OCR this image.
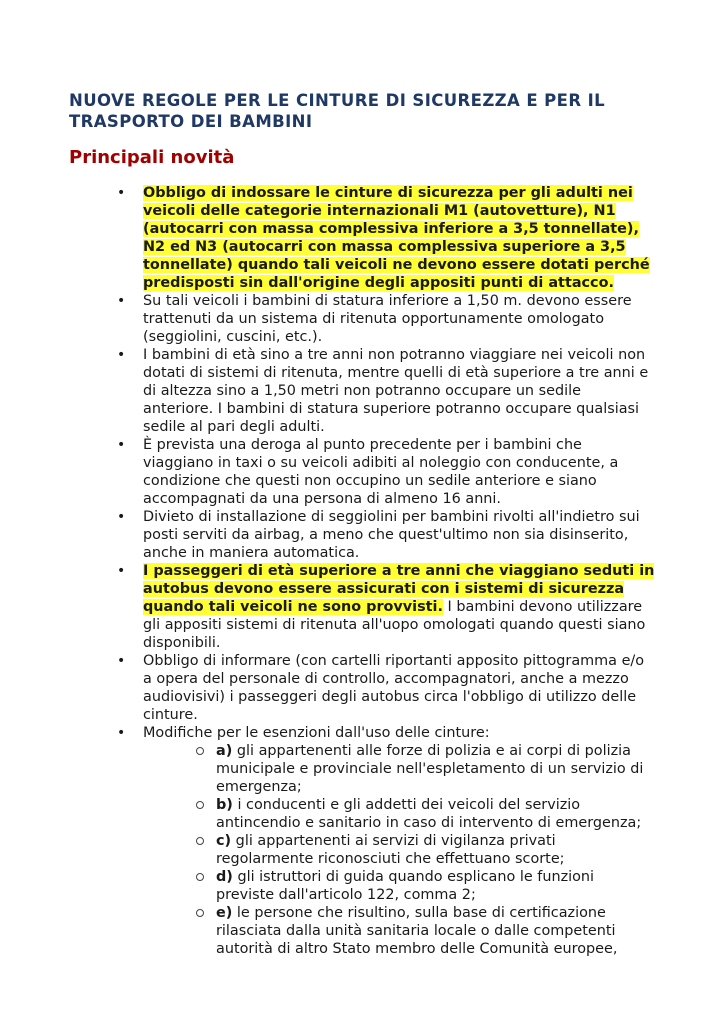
NUOVE REGOLE PER LE CINTURE DI SICUREZZA E PER IL TRASPORTO DEI BAMBINI
Principali novità
• Obbligo di indossare le cinture di sicurezza per gli adulti nei veicoli delle categorie internazionali M1 (autovetture), N1 (autocarri con massa complessiva inferiore a 3,5 tonnellate), N2 ed N3 (autocarri con massa complessiva superiore a 3,5 tonnellate) quando tali veicoli ne devono essere dotati perché predisposti sin dall'origine degli appositi punti di attacco.
• Su tali veicoli i bambini di statura inferiore a 1,50 m. devono essere trattenuti da un sistema di ritenuta opportunamente omologato (seggiolini, cuscini, etc.).
• I bambini di età sino a tre anni non potranno viaggiare nei veicoli non dotati di sistemi di ritenuta, mentre quelli di età superiore a tre anni e di altezza sino a 1,50 metri non potranno occupare un sedile anteriore. I bambini di statura superiore potranno occupare qualsiasi sedile al pari degli adulti.
• È prevista una deroga al punto precedente per i bambini che viaggiano in taxi o su veicoli adibiti al noleggio con conducente, a condizione che questi non occupino un sedile anteriore e siano accompagnati da una persona di almeno 16 anni.
• Divieto di installazione di seggiolini per bambini rivolti all'indietro sui posti serviti da airbag, a meno che quest'ultimo non sia disinserito, anche in maniera automatica.
• I passeggeri di età superiore a tre anni che viaggiano seduti in autobus devono essere assicurati con i sistemi di sicurezza quando tali veicoli ne sono provvisti. I bambini devono utilizzare gli appositi sistemi di ritenuta all'uopo omologati quando questi siano disponibili.
• Obbligo di informare (con cartelli riportanti apposito pittogramma e/o a opera del personale di controllo, accompagnatori, anche a mezzo audiovisivi) i passeggeri degli autobus circa l'obbligo di utilizzo delle cinture.
• Modifiche per le esenzioni dall'uso delle cinture:
a) gli appartenenti alle forze di polizia e ai corpi di polizia municipale e provinciale nell'espletamento di un servizio di emergenza;
b) i conducenti e gli addetti dei veicoli del servizio antincendio e sanitario in caso di intervento di emergenza;
c) gli appartenenti ai servizi di vigilanza privati regolarmente riconosciuti che effettuano scorte;
d) gli istruttori di guida quando esplicano le funzioni previste dall'articolo 122, comma 2;
e) le persone che risultino, sulla base di certificazione rilasciata dalla unità sanitaria locale o dalle competenti autorità di altro Stato membro delle Comunità europee,
